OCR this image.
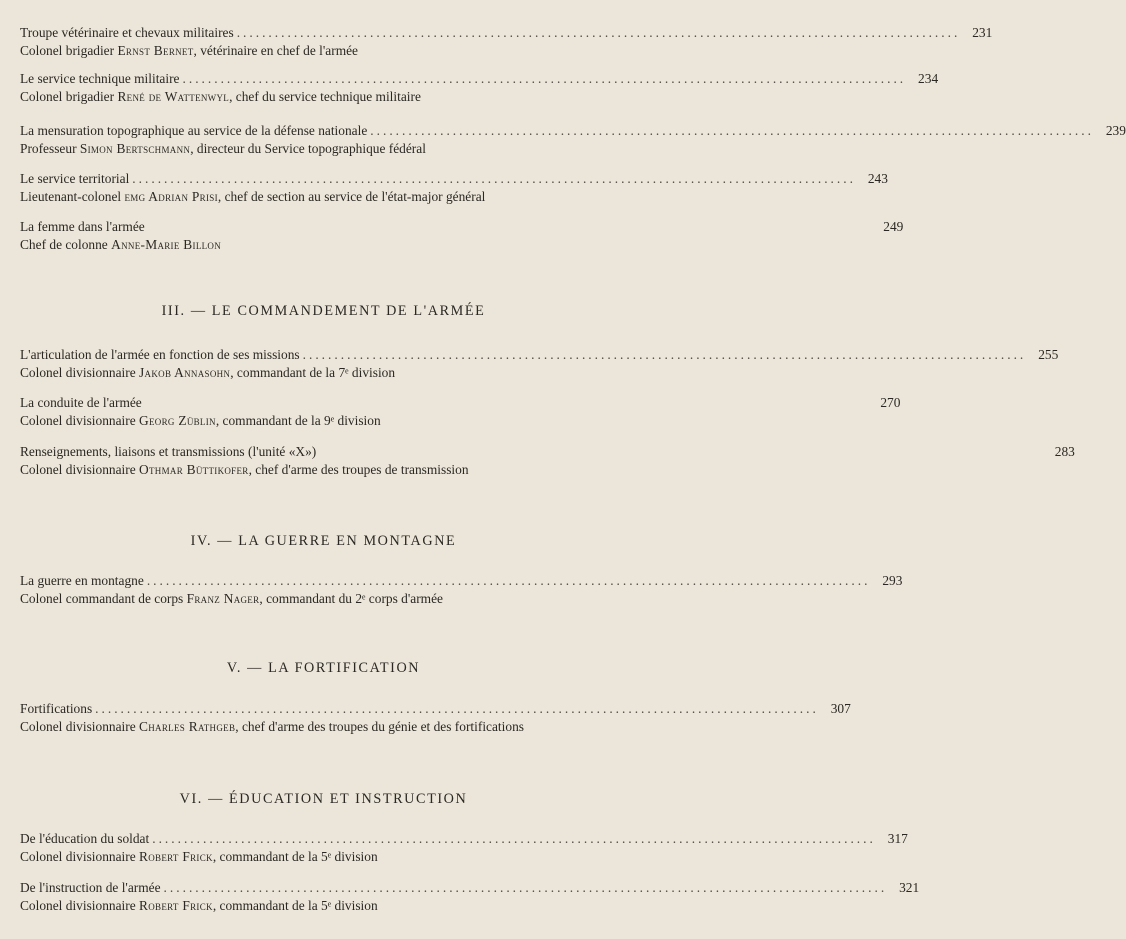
Troupe vétérinaire et chevaux militaires .................................................................................................................. 231
Colonel brigadier Ernst Bernet, vétérinaire en chef de l'armée
Le service technique militaire .................................................................................................................. 234
Colonel brigadier René de Wattenwyl, chef du service technique militaire
La mensuration topographique au service de la défense nationale .................................................................................................................. 239
Professeur Simon Bertschmann, directeur du Service topographique fédéral
Le service territorial .................................................................................................................. 243
Lieutenant-colonel emg Adrian Prisi, chef de section au service de l'état-major général
La femme dans l'armée	249
Chef de colonne Anne-Marie Billon
III. — LE COMMANDEMENT DE L'ARMÉE
L'articulation de l'armée en fonction de ses missions .................................................................................................................. 255
Colonel divisionnaire Jakob Annasohn, commandant de la 7ᵉ division
La conduite de l'armée	270
Colonel divisionnaire Georg Züblin, commandant de la 9ᵉ division
Renseignements, liaisons et transmissions (l'unité «X»)	283
Colonel divisionnaire Othmar Büttikofer, chef d'arme des troupes de transmission
IV. — LA GUERRE EN MONTAGNE
La guerre en montagne .................................................................................................................. 293
Colonel commandant de corps Franz Nager, commandant du 2ᵉ corps d'armée
V. — LA FORTIFICATION
Fortifications .................................................................................................................. 307
Colonel divisionnaire Charles Rathgeb, chef d'arme des troupes du génie et des fortifications
VI. — ÉDUCATION ET INSTRUCTION
De l'éducation du soldat .................................................................................................................. 317
Colonel divisionnaire Robert Frick, commandant de la 5ᵉ division
De l'instruction de l'armée .................................................................................................................. 321
Colonel divisionnaire Robert Frick, commandant de la 5ᵉ division
